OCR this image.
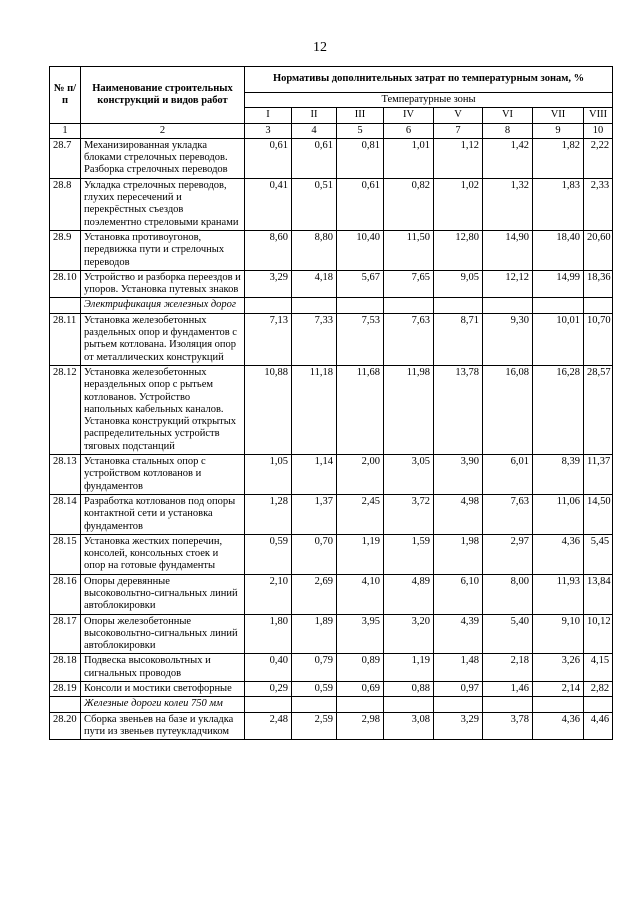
12
№ п/п	Наименование строительных конструкций и видов работ	Нормативы дополнительных затрат по температурным зонам, %							
		Температурные зоны							
		I	II	III	IV	V	VI	VII	VIII
1	2	3	4	5	6	7	8	9	10
28.7	Механизированная укладка блоками стрелочных переводов. Разборка стрелочных переводов	0,61	0,61	0,81	1,01	1,12	1,42	1,82	2,22
28.8	Укладка стрелочных переводов, глухих пересечений и перекрёстных съездов поэлементно стреловыми кранами	0,41	0,51	0,61	0,82	1,02	1,32	1,83	2,33
28.9	Установка противоугонов, передвижка пути и стрелочных переводов	8,60	8,80	10,40	11,50	12,80	14,90	18,40	20,60
28.10	Устройство и разборка переездов и упоров. Установка путевых знаков	3,29	4,18	5,67	7,65	9,05	12,12	14,99	18,36
	Электрификация железных дорог								
28.11	Установка железобетонных раздельных опор и фундаментов с рытьем котлована. Изоляция опор от металлических конструкций	7,13	7,33	7,53	7,63	8,71	9,30	10,01	10,70
28.12	Установка железобетонных нераздельных опор с рытьем котлованов. Устройство напольных кабельных каналов. Установка конструкций открытых распределительных устройств тяговых подстанций	10,88	11,18	11,68	11,98	13,78	16,08	16,28	28,57
28.13	Установка стальных опор с устройством котлованов и фундаментов	1,05	1,14	2,00	3,05	3,90	6,01	8,39	11,37
28.14	Разработка котлованов под опоры контактной сети и установка фундаментов	1,28	1,37	2,45	3,72	4,98	7,63	11,06	14,50
28.15	Установка жестких поперечин, консолей, консольных стоек и опор на готовые фундаменты	0,59	0,70	1,19	1,59	1,98	2,97	4,36	5,45
28.16	Опоры деревянные высоковольтно-сигнальных линий автоблокировки	2,10	2,69	4,10	4,89	6,10	8,00	11,93	13,84
28.17	Опоры железобетонные высоковольтно-сигнальных линий автоблокировки	1,80	1,89	3,95	3,20	4,39	5,40	9,10	10,12
28.18	Подвеска высоковольтных и сигнальных проводов	0,40	0,79	0,89	1,19	1,48	2,18	3,26	4,15
28.19	Консоли и мостики светофорные	0,29	0,59	0,69	0,88	0,97	1,46	2,14	2,82
	Железные дороги колеи 750 мм								
28.20	Сборка звеньев на базе и укладка пути из звеньев путеукладчиком	2,48	2,59	2,98	3,08	3,29	3,78	4,36	4,46
